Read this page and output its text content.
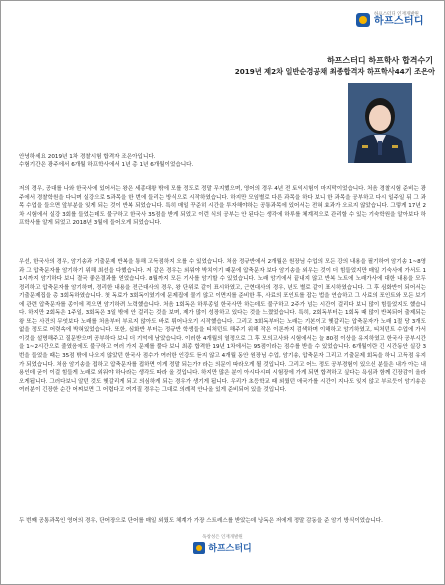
하프스터디 인재개발원
하프스터디
하프스터디 하프학사 합격수기
2019년 제2차 일반순경공채 최종합격자 하프학사44기 조은아
안녕하세요 2019년 1차 경찰시험 합격자 조은아입니다.
수험기간은 광주에서 6개월 하프학사에서 1년 총 1년 6개월이었습니다.
저의 경우, 공대를 나와 한국사에 있어서는 왕은 세종대왕 밖에 모를 정도로 정말 무지했으며, 영어의 경우 4년 전 토익시험이 마지막이었습니다. 처음 경찰시험 준비는 광주에서 경찰학원을 다니며 실강으로 5과목을 한 번에 들리는 방식으로 시작하였습니다. 하지만 모임별로 다른 과목을 하다 보니 한 과목을 공부하고 다시 일주일 뒤 그 과목 수업을 들으면 앞부분을 잊게 되는 것이 반복 되었습니다. 특히 매일 꾸준히 시간을 투자해야하는 공통과목에 있어서는 전혀 효과가 오르지 않았습니다. 그렇게 17년 2차 시험에서 실강 3회를 들었는데도 불구하고 한국사 35점을 받게 되었고 이런 식의 공부는 안 된다는 생각에 하루를 체계적으로 관리할 수 있는 기숙학원을 알아보다 하프학사를 알게 되었고 2018년 3월에 들어오게 되었습니다.
우선, 한국사의 경우, 암기송과 기출문제 반복을 통해 고득점하지 오를 수 있었습니다. 처음 정규반에서 2개월은 원장님 수업의 모든 강의 내용을 필기하여 암기송 1~8영과 그 압축문자를 암기하기 위해 최선을 다했습니다. 저 같은 경우는 외워야 박치이기 때문에 압축문자 보다 암기송을 외우는 것이 더 힘들었지만 매일 기숙사에 가서도 11시까지 암기하다 보니 결국 좋은결과를 얻었습니다. 8월까지 모든 기사를 암기할 수 있었습니다. 노래 암기에서 끝내지 않고 반복 노트에 노래가사에 대한 내용을 모두 정리하고 압축문자를 암기하며, 정리한 내용을 전근대사의 경우, 왕 단위로 같이 표시하였고, 근현대사의 경우, 년도 별로 같이 표시하였습니다. 그 후 심화반이 되어서는 기출문제집을 총 3회독하였습니다. 첫 독료가 3회독이였기에 문제집에 물기 않고 이면지를 준비한 후, 사료의 포인트를 잡는 법을 연습하고 그 사료의 포인트와 모든 보기에 관련 압축문자를 종이에 적으면 암기하려 노력했습니다. 처음 1회독은 하루종일 한국사만 하는데도 불구하고 2주가 넘는 시간이 걸리다 보니 많이 힘들었지도 했습니다. 하지만 2회독은 1주일, 3회독은 3일 밖에 안 걸리는 것을 보며, 제가 많이 성장하고 있다는 것을 느꼈었습니다. 특히, 2회독부터는 1회독 때 많이 반복되어 출제되는 왕 또는 사건의 무엇보다 노래를 처음부터 부르지 않아도 바로 튀어나오기 시작했습니다. 그리고 3회독부터는 노래는 기본이고 헷갈리는 압축문자가 노래 1절 당 3개도 없을 정도로 어렷속에 박혀있었습니다. 또한, 심화반 부터는 정규반 학생들을 티처던트 해주기 위해 작은 이론까지 검색하며 이해하고 암기하였고, 티처던트 수업에 가서 이것을 설명해주고 질문받으며 공부하다 보니 더 기억에 남았습니다. 이러한 4개월의 열정으로 그 후 모의고사와 시험에서는 늘 80점 이상을 유지하였고 한국사 공부시간을 1~2시간으로 줄였음에도 불구하고 여러 가지 문제를 풀다 보니 최종 합격한 19년 1차에서는 95점이라는 점수를 받을 수 있었습니다. 6개월이란 긴 시간동안 실강 3번을 들었을 때는 35점 밖에 나오지 않았던 한국사 점수가 여러한 인강도 듣지 않고 4개월 동안 원장님 수업, 암기송, 압축문자 그리고 기출문제 회독을 하니 고득점 유지가 되었습니다. 처음 암기송을 접하고 압축문자를 접하면 이게 정말 되는가? 라는 의문이 따라오게 될 것입니다. 그리고 어느 정도 공부경험이 있으신 분들은 내가 아는 내용인데 굳이 이걸 힘들게 노래로 외워야 하나라는 생각도 따라 올 것입니다. 하지만 많은 분이 아시다시피 시험장에 가게 되면 합격하고 싶다는 욕심과 함께 긴장감이 올라 오게됩니다. 그러다보니 알던 것도 헷갈리게 되고 의심하게 되는 경우가 생기게 됩니다. 우리가 초등학교 때 외웠던 애국가를 시간이 지나도 잊지 않고 부르듯이 암기송은 여러분이 긴장한 순간 어찌보면 그 어렵다고 여겨질 경우는 그대로 의례적 안나올 있게 준비되어 있을 것입니다.
두 번째 공통과목인 영어의 경우, 단어장으로 단어를 매일 외웠도 체계가 가장 스트레스를 받았는데 낭독은 저에게 정말 감동을 준 암기 방식이었습니다.
독창성은 인재개발원
하프스터디
